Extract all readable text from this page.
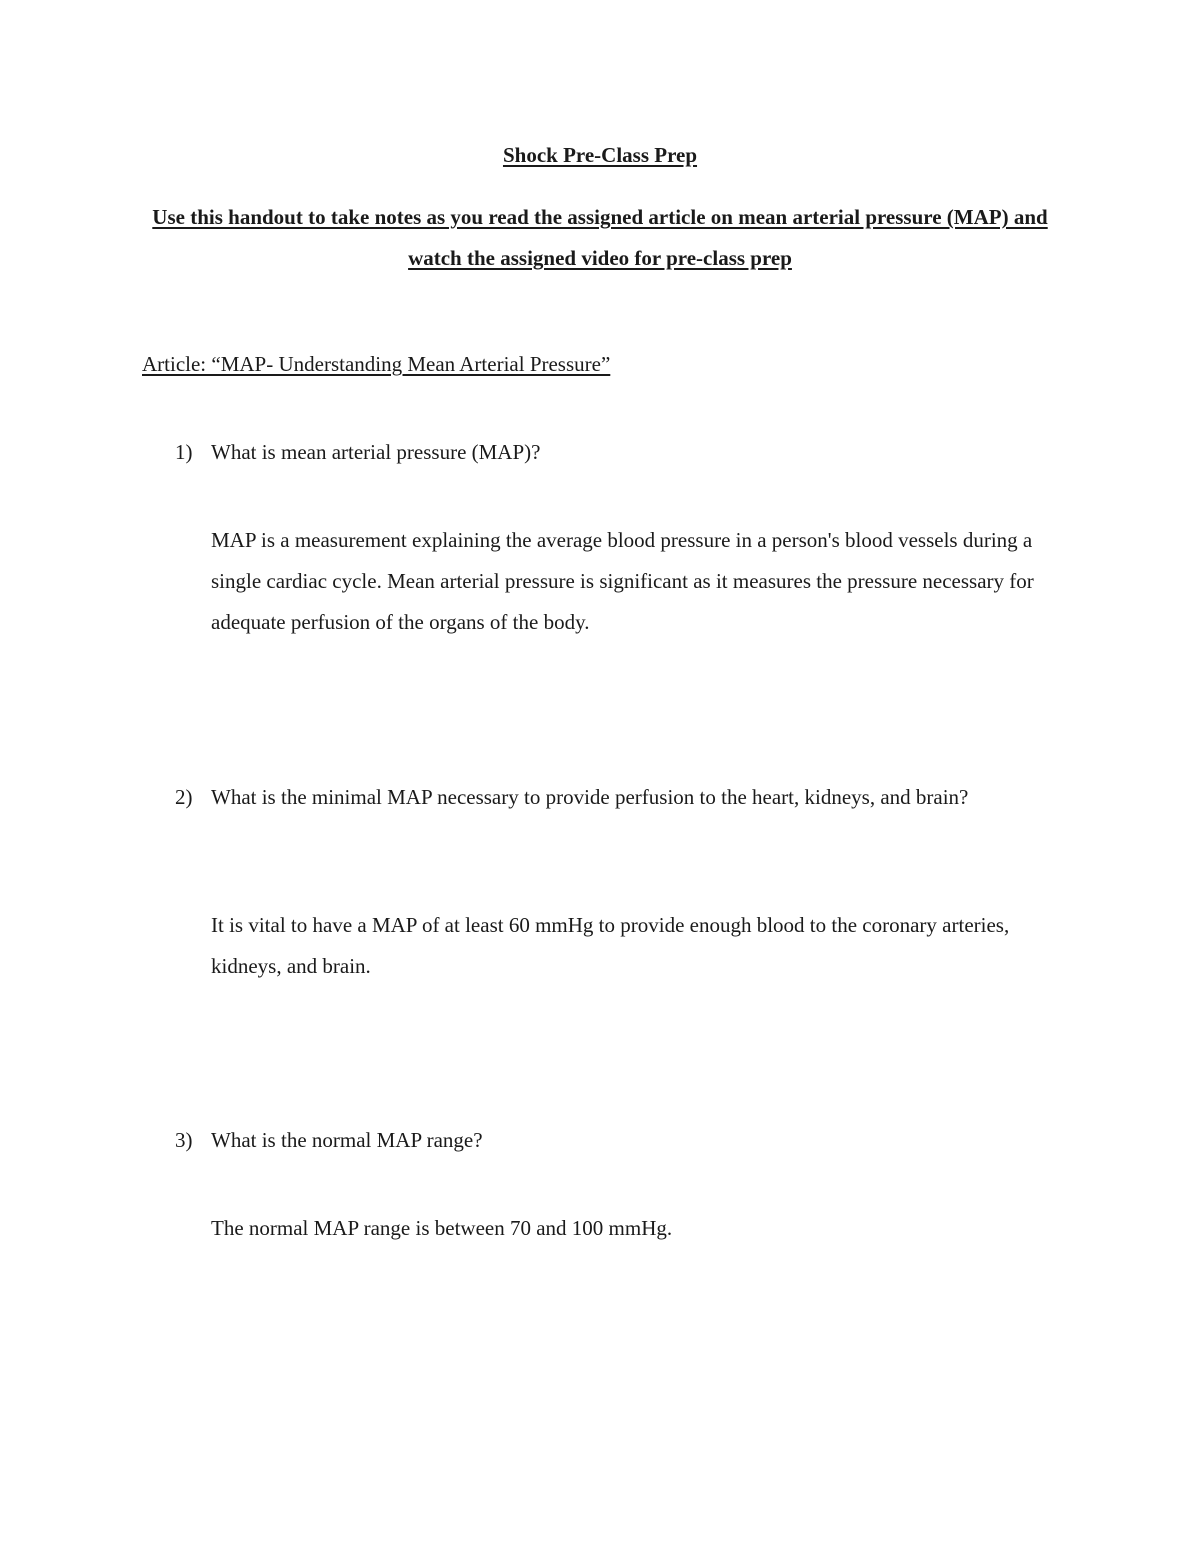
Shock Pre-Class Prep
Use this handout to take notes as you read the assigned article on mean arterial pressure (MAP) and watch the assigned video for pre-class prep
Article: “MAP- Understanding Mean Arterial Pressure”
1) What is mean arterial pressure (MAP)?
MAP is a measurement explaining the average blood pressure in a person's blood vessels during a single cardiac cycle. Mean arterial pressure is significant as it measures the pressure necessary for adequate perfusion of the organs of the body.
2) What is the minimal MAP necessary to provide perfusion to the heart, kidneys, and brain?
It is vital to have a MAP of at least 60 mmHg to provide enough blood to the coronary arteries, kidneys, and brain.
3) What is the normal MAP range?
The normal MAP range is between 70 and 100 mmHg.
